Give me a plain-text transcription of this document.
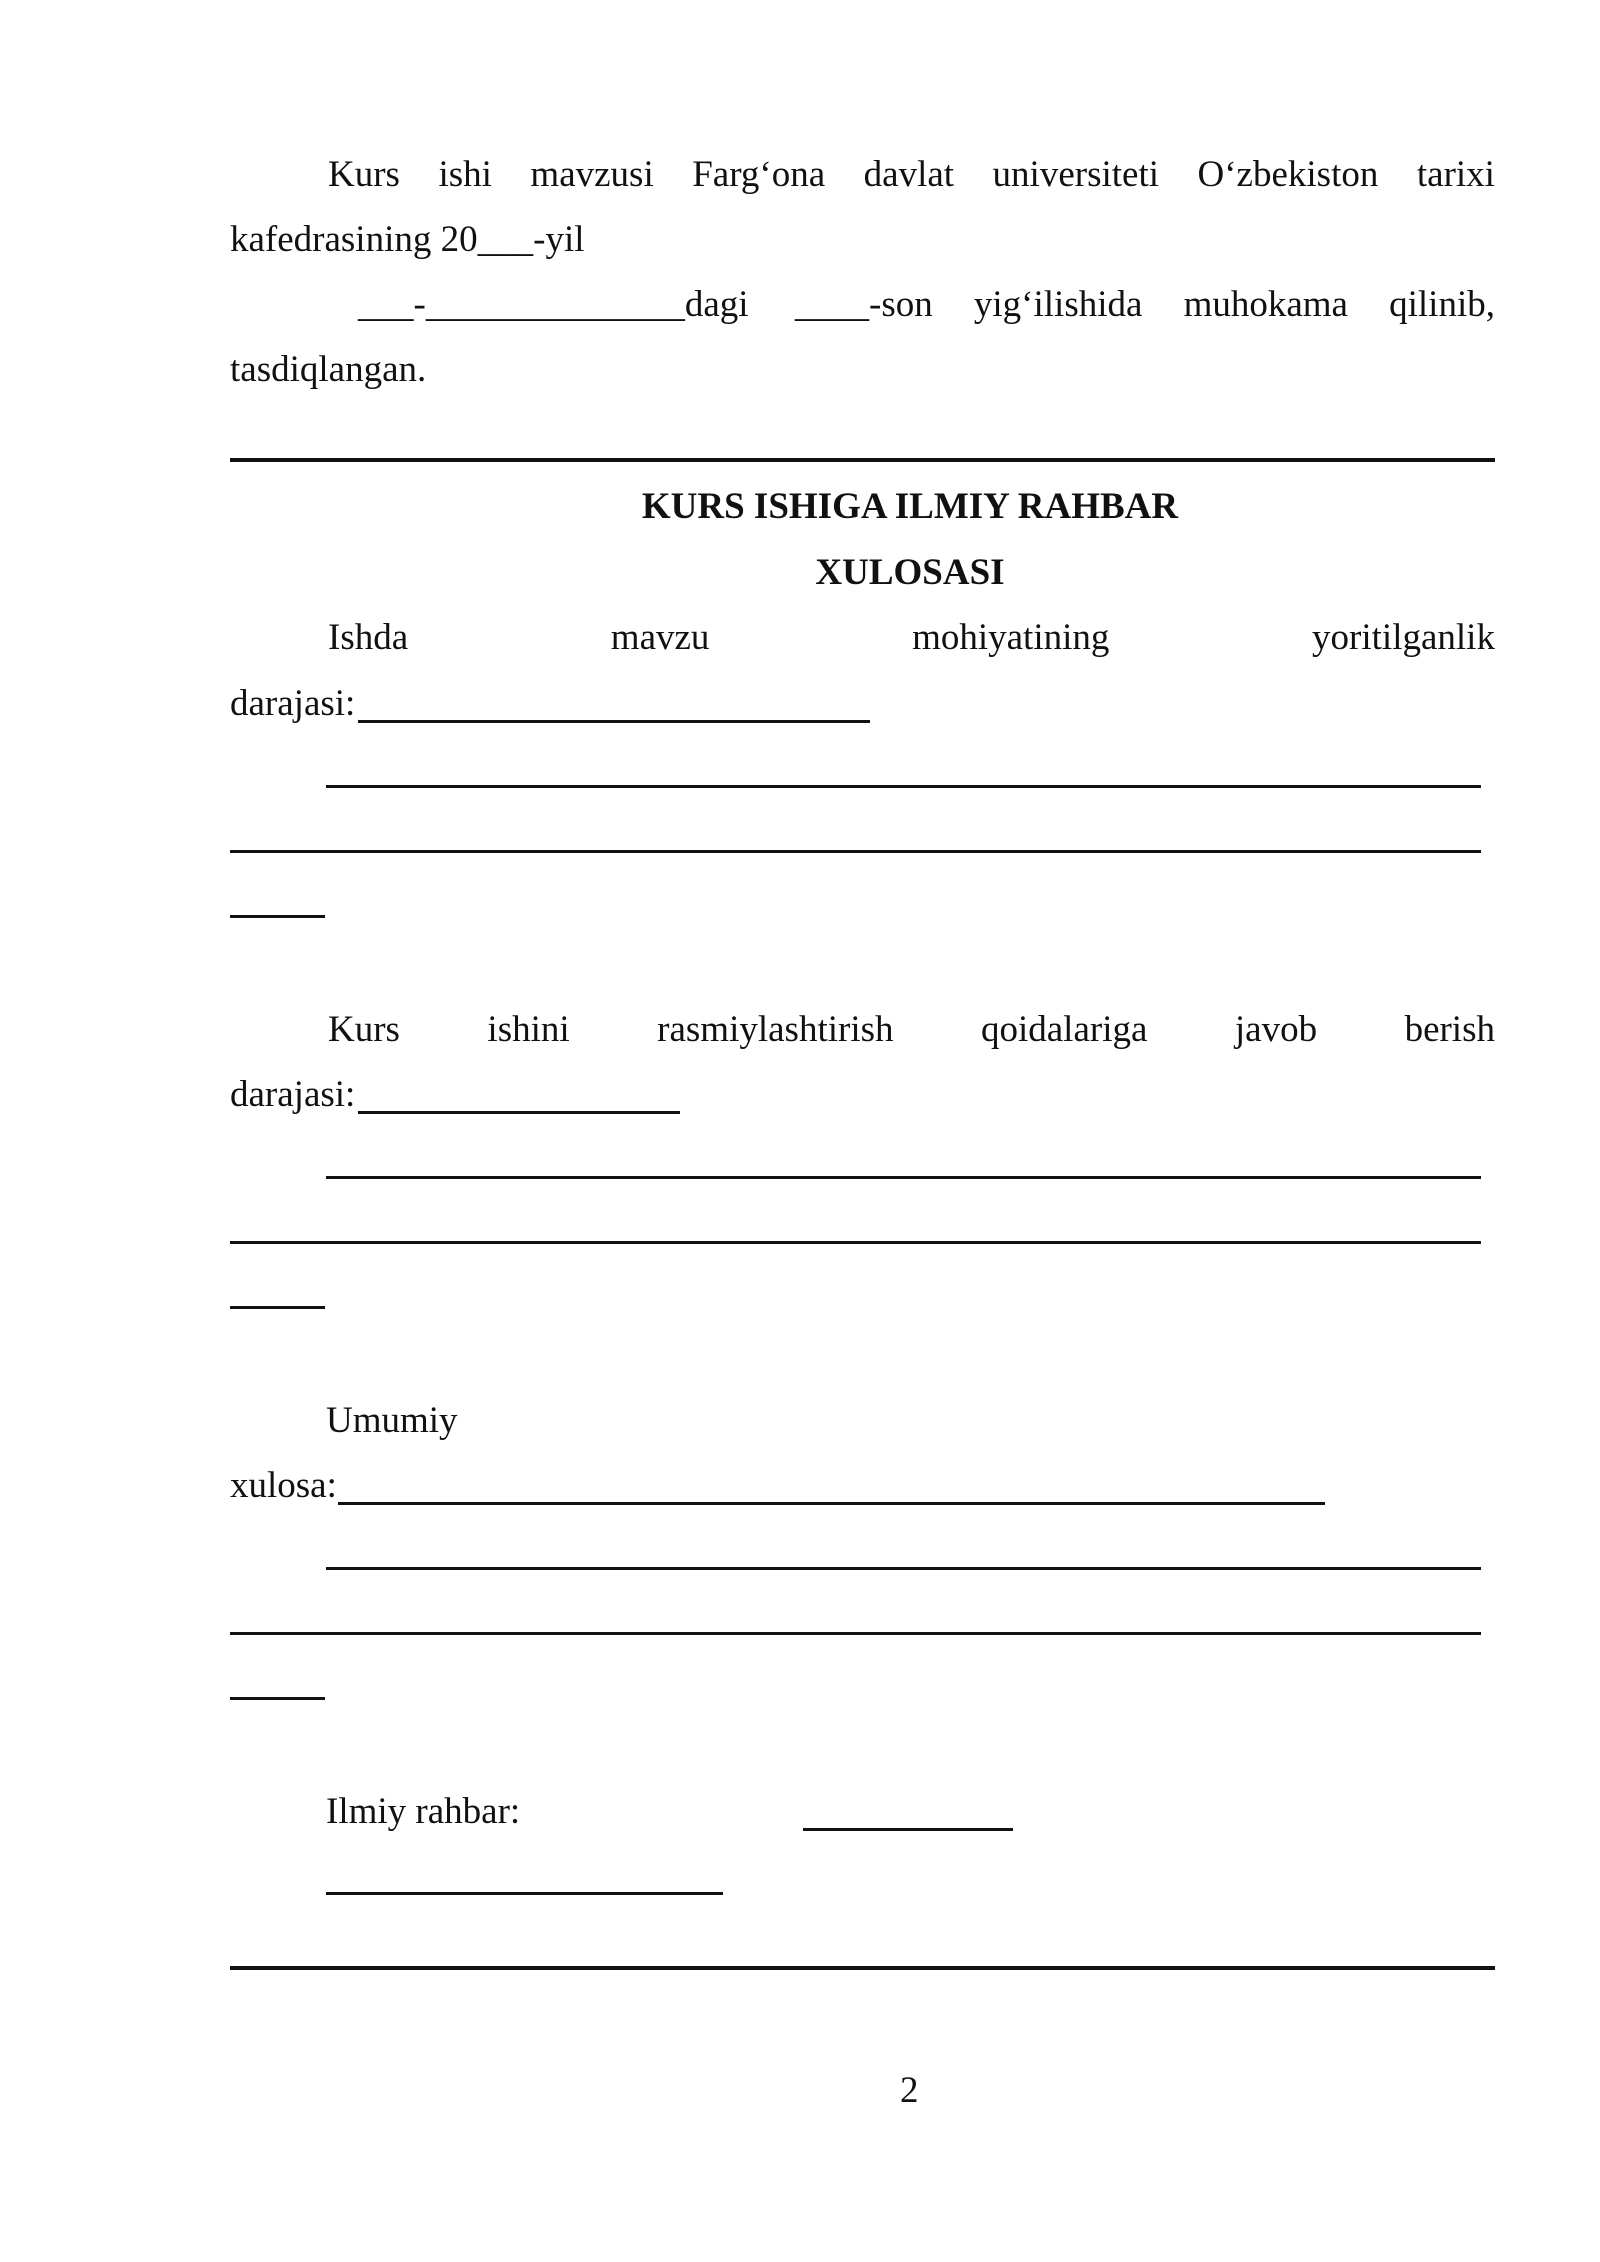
Kurs ishi mavzusi Farg‘ona davlat universiteti O‘zbekiston tarixi
kafedrasining 20___-yil
___-______________dagi ____-son yig‘ilishida muhokama qilinib,
tasdiqlangan.
KURS ISHIGA ILMIY RAHBAR
XULOSASI
Ishda	mavzu	mohiyatining	yoritilganlik
darajasi:
Kurs ishini rasmiylashtirish qoidalariga javob berish
darajasi:
Umumiy
xulosa:
Ilmiy rahbar:
2
